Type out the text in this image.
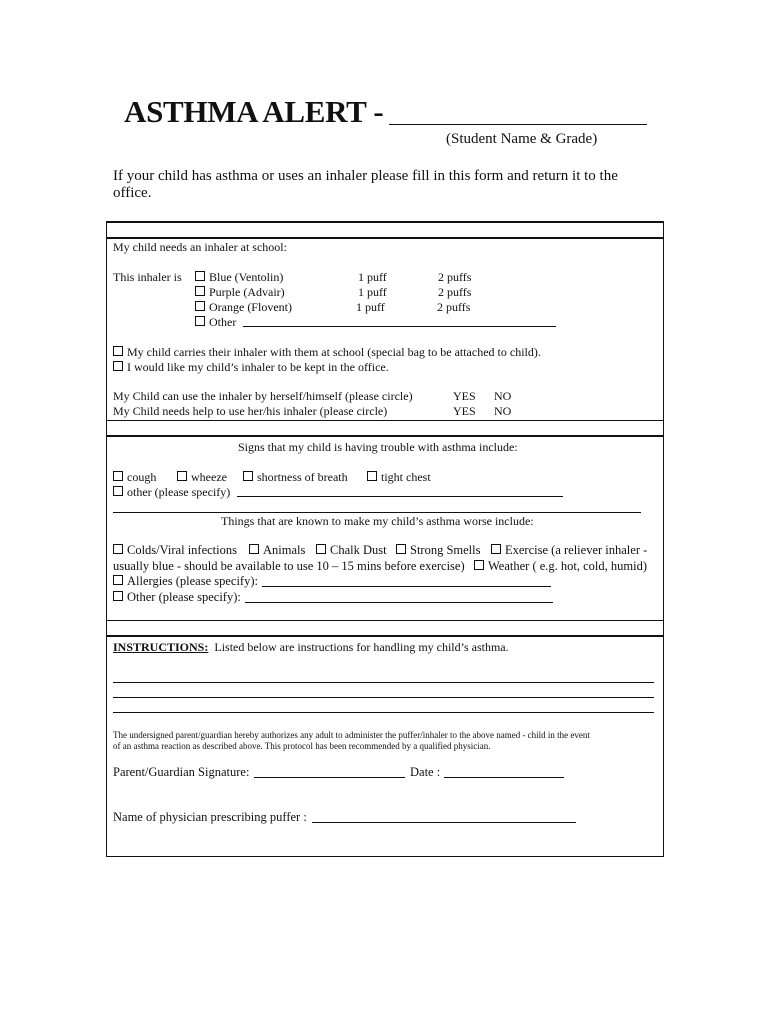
ASTHMA ALERT -
(Student Name & Grade)
If your child has asthma or uses an inhaler please fill in this form and return it to the office.
My child needs an inhaler at school:
This inhaler is	Blue (Ventolin)	1 puff	2 puffs
Purple (Advair)	1 puff	2 puffs
Orange (Flovent)	1 puff	2 puffs
Other
My child carries their inhaler with them at school (special bag to be attached to child).
I would like my child’s inhaler to be kept in the office.
My Child can use the inhaler by herself/himself (please circle)	YES NO
My Child needs help to use her/his inhaler (please circle)	YES NO
Signs that my child is having trouble with asthma include:
cough	wheeze	shortness of breath	tight chest
other (please specify)
Things that are known to make my child’s asthma worse include:
Colds/Viral infections	Animals	Chalk Dust	Strong Smells	Exercise (a reliever inhaler -
usually blue - should be available to use 10 – 15 mins before exercise)	Weather ( e.g. hot, cold, humid)
Allergies (please specify):
Other (please specify):
INSTRUCTIONS: Listed below are instructions for handling my child’s asthma.
The undersigned parent/guardian hereby authorizes any adult to administer the puffer/inhaler to the above named - child in the event
of an asthma reaction as described above. This protocol has been recommended by a qualified physician.
Parent/Guardian Signature:	Date :
Name of physician prescribing puffer :
